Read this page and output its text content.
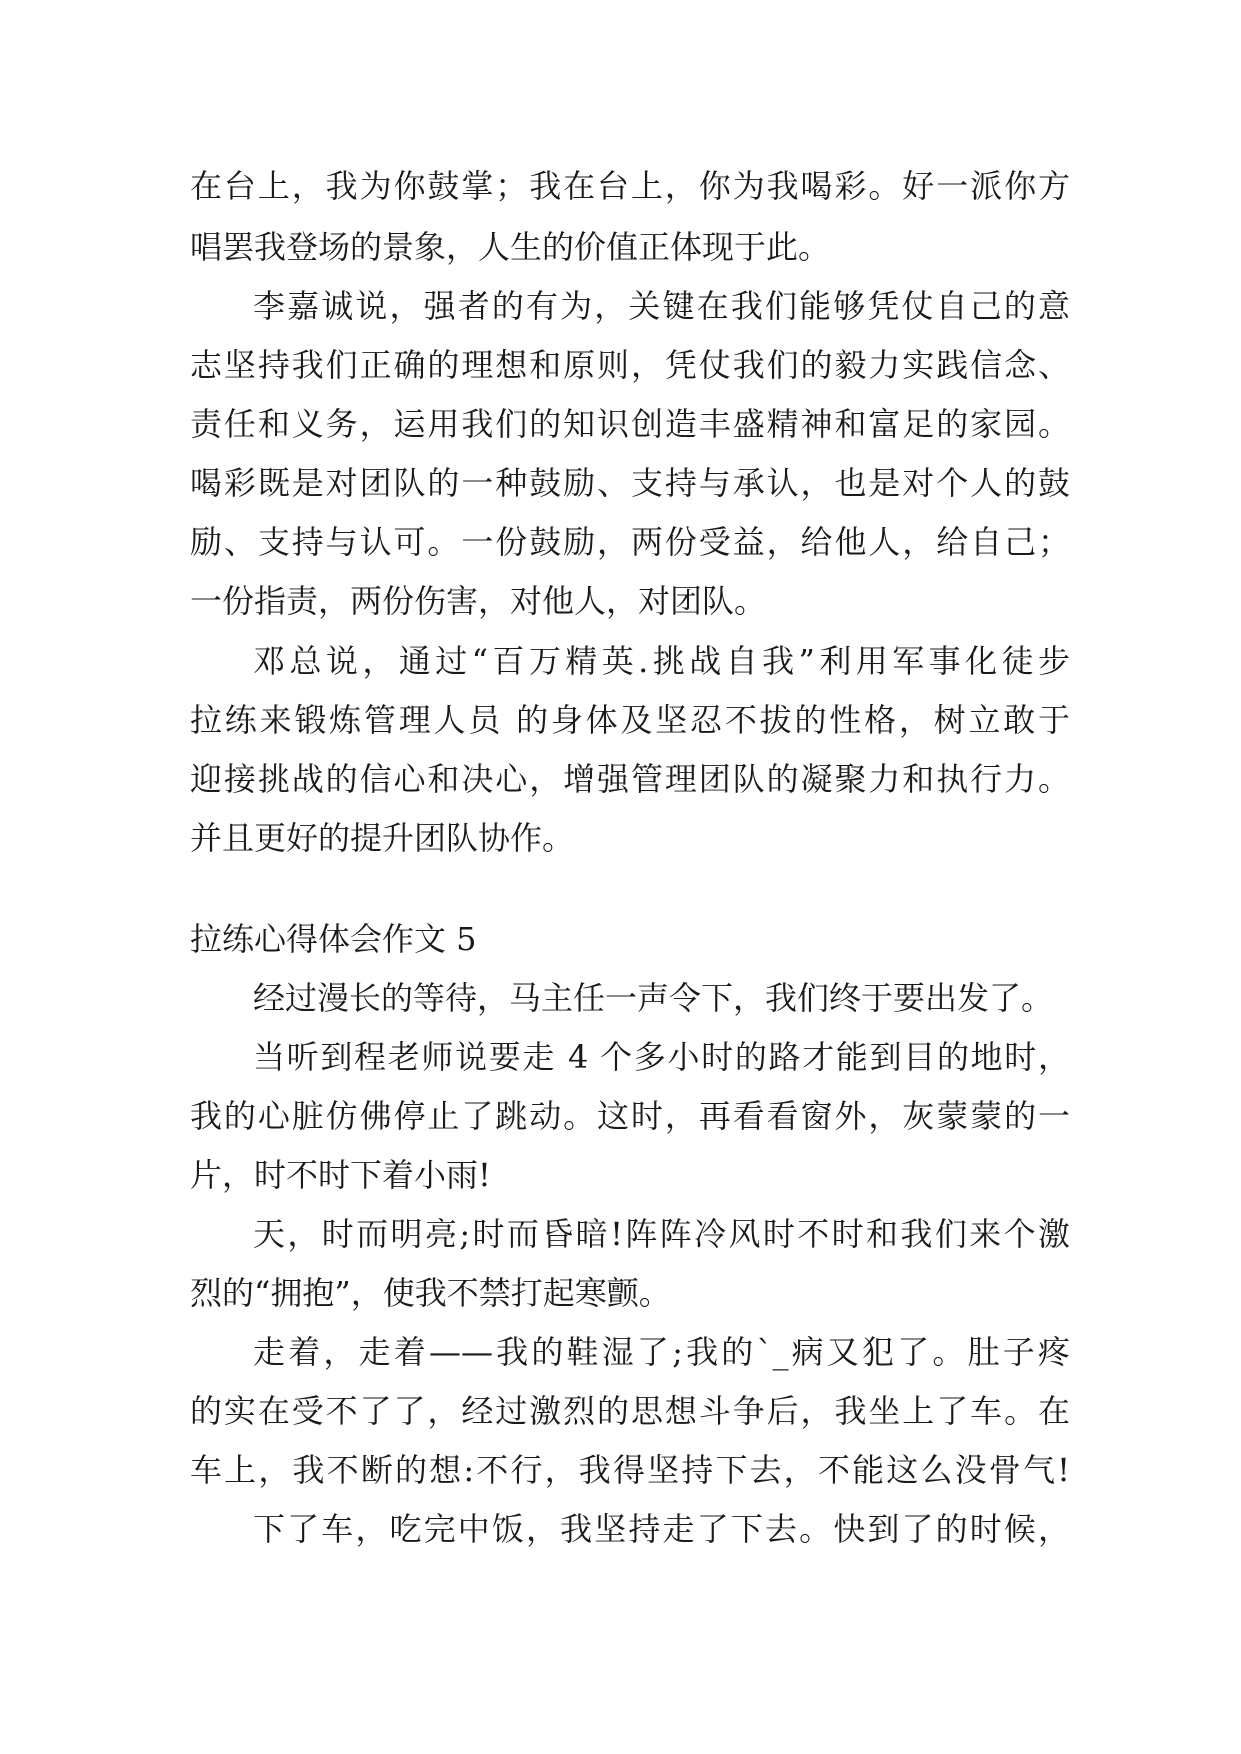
在台上，我为你鼓掌；我在台上，你为我喝彩。好一派你方
唱罢我登场的景象，人生的价值正体现于此。
李嘉诚说，强者的有为，关键在我们能够凭仗自己的意
志坚持我们正确的理想和原则，凭仗我们的毅力实践信念、
责任和义务，运用我们的知识创造丰盛精神和富足的家园。
喝彩既是对团队的一种鼓励、支持与承认，也是对个人的鼓
励、支持与认可。一份鼓励，两份受益，给他人，给自己；
一份指责，两份伤害，对他人，对团队。
邓总说，通过“百万精英.挑战自我”利用军事化徒步
拉练来锻炼管理人员 的身体及坚忍不拔的性格，树立敢于
迎接挑战的信心和决心，增强管理团队的凝聚力和执行力。
并且更好的提升团队协作。
拉练心得体会作文 5
经过漫长的等待，马主任一声令下，我们终于要出发了。
当听到程老师说要走 4 个多小时的路才能到目的地时，
我的心脏仿佛停止了跳动。这时，再看看窗外，灰蒙蒙的一
片，时不时下着小雨!
天，时而明亮;时而昏暗!阵阵冷风时不时和我们来个激
烈的“拥抱”，使我不禁打起寒颤。
走着，走着——我的鞋湿了;我的`_病又犯了。肚子疼
的实在受不了了，经过激烈的思想斗争后，我坐上了车。在
车上，我不断的想:不行，我得坚持下去，不能这么没骨气!
下了车，吃完中饭，我坚持走了下去。快到了的时候，
